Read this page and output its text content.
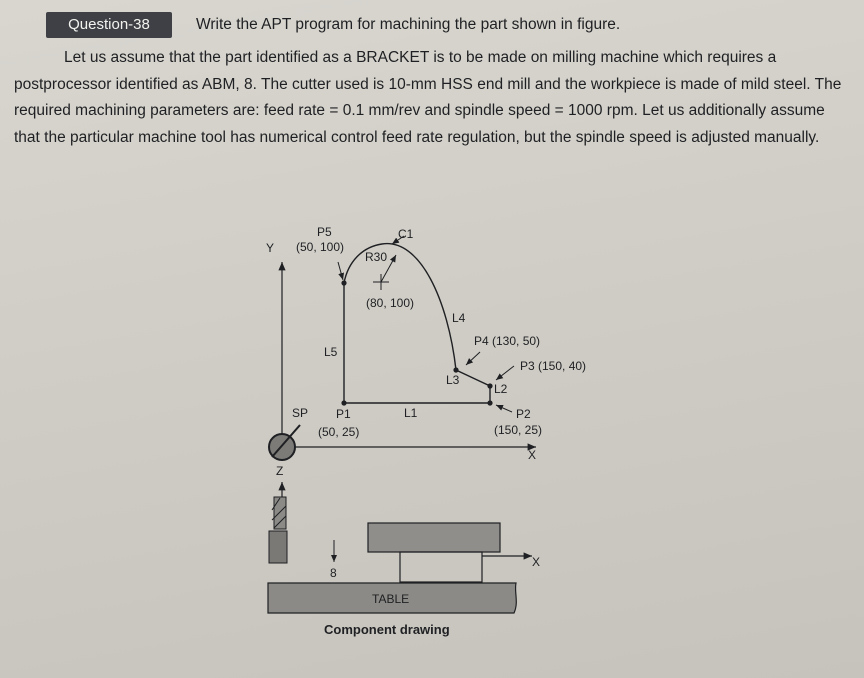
Question-38	Write the APT program for machining the part shown in figure.
Let us assume that the part identified as a BRACKET is to be made on milling machine which requires a postprocessor identified as ABM, 8. The cutter used is 10-mm HSS end mill and the workpiece is made of mild steel. The required machining parameters are: feed rate = 0.1 mm/rev and spindle speed = 1000 rpm. Let us additionally assume that the particular machine tool has numerical control feed rate regulation, but the spindle speed is adjusted manually.
Y
X
SP
P5
(50, 100)
C1
R30
(80, 100)
L4
P4 (130, 50)
P3 (150, 40)
L5
L3
L2
L1
P1
(50, 25)
P2
(150, 25)
Z
X
8
TABLE
Component drawing
